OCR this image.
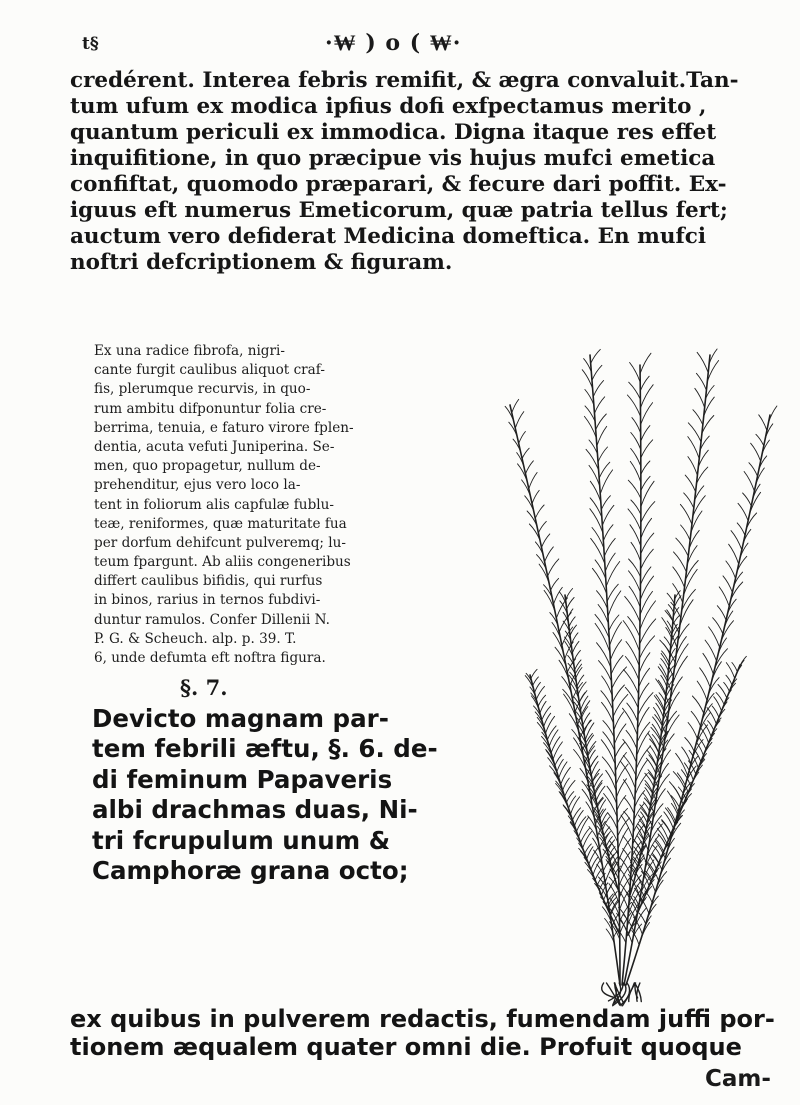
t§	·₩ ) o ( ₩·
credérent. Interea febris remifit, & ægra convaluit.Tan-
tum ufum ex modica ipfius dofi exfpectamus merito ,
quantum periculi ex immodica. Digna itaque res effet
inquifitione, in quo præcipue vis hujus mufci emetica
confiftat, quomodo præparari, & fecure dari poffit. Ex-
iguus eft numerus Emeticorum, quæ patria tellus fert;
auctum vero defiderat Medicina domeftica. En mufci
noftri defcriptionem & figuram.
Ex una radice fibrofa, nigri-
cante furgit caulibus aliquot craf-
fis, plerumque recurvis, in quo-
rum ambitu difponuntur folia cre-
berrima, tenuia, e faturo virore fplen-
dentia, acuta vefuti Juniperina. Se-
men, quo propagetur, nullum de-
prehenditur, ejus vero loco la-
tent in foliorum alis capfulæ fublu-
teæ, reniformes, quæ maturitate fua
per dorfum dehifcunt pulveremq; lu-
teum fpargunt. Ab aliis congeneribus
differt caulibus bifidis, qui rurfus
in binos, rarius in ternos fubdivi-
duntur ramulos. Confer Dillenii N.
P. G. & Scheuch. alp. p. 39. T.
6, unde defumta eft noftra figura.
§. 7.
Devicto magnam par-
tem febrili æftu, §. 6. de-
di feminum Papaveris
albi drachmas duas, Ni-
tri fcrupulum unum &
Camphoræ grana octo;
ex quibus in pulverem redactis, fumendam juffi por-
tionem æqualem quater omni die. Profuit quoque
Cam-
